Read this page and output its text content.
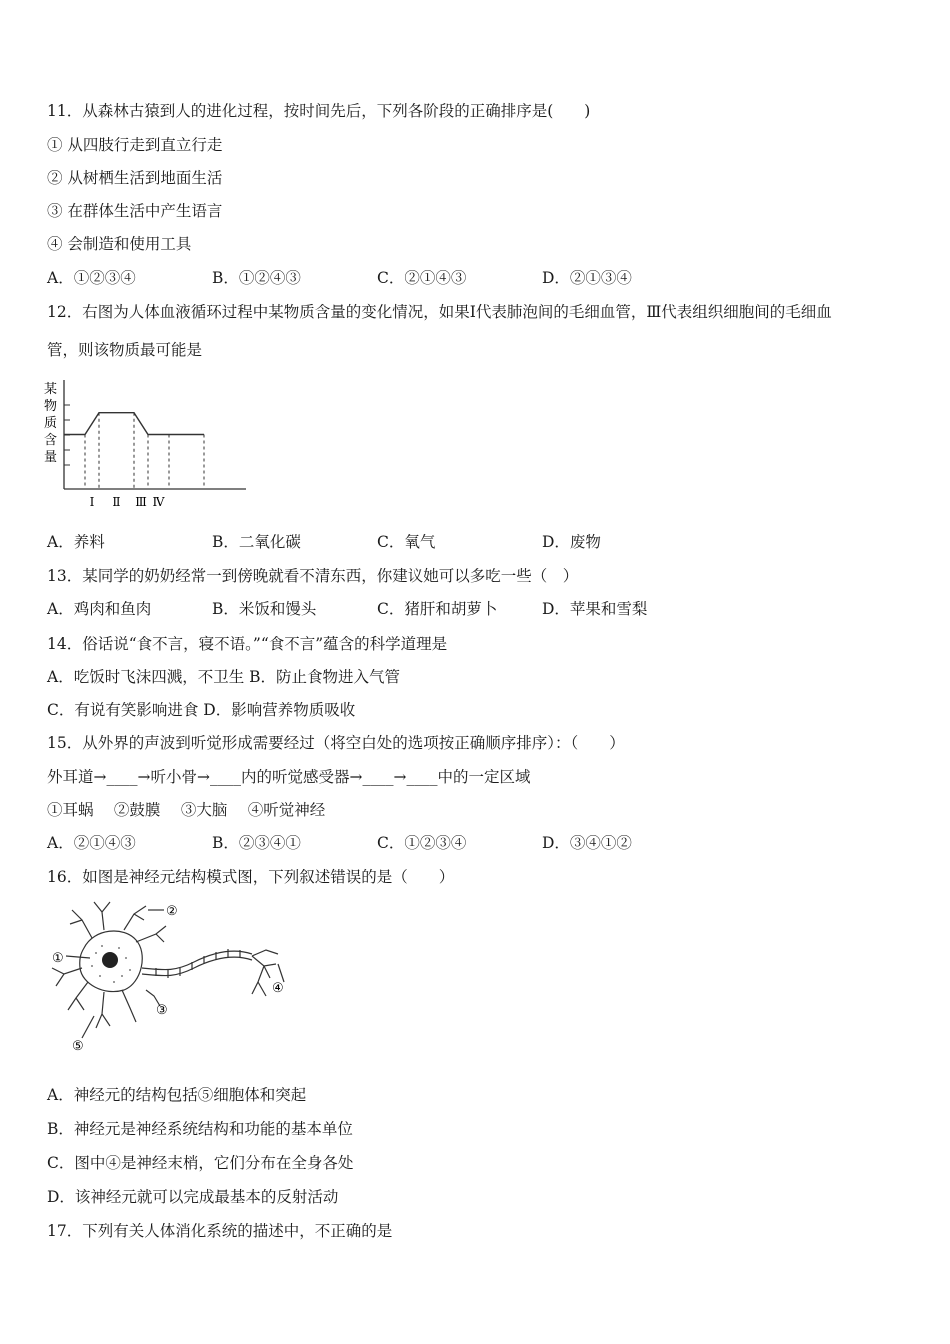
11．从森林古猿到人的进化过程，按时间先后，下列各阶段的正确排序是(　　)
① 从四肢行走到直立行走
② 从树栖生活到地面生活
③ 在群体生活中产生语言
④ 会制造和使用工具
A．①②③④	B．①②④③	C．②①④③	D．②①③④
12．右图为人体血液循环过程中某物质含量的变化情况，如果Ⅰ代表肺泡间的毛细血管，Ⅲ代表组织细胞间的毛细血
管，则该物质最可能是
某
物
质
含
量
Ⅰ Ⅱ Ⅲ Ⅳ
A．养料	B．二氧化碳	C．氧气	D．废物
13．某同学的奶奶经常一到傍晚就看不清东西，你建议她可以多吃一些（　）
A．鸡肉和鱼肉	B．米饭和馒头	C．猪肝和胡萝卜	D．苹果和雪梨
14．俗话说“食不言，寝不语。”“食不言”蕴含的科学道理是
A．吃饭时飞沫四溅，不卫生 B．防止食物进入气管
C．有说有笑影响进食 D．影响营养物质吸收
15．从外界的声波到听觉形成需要经过（将空白处的选项按正确顺序排序）：（　　）
外耳道→____→听小骨→____内的听觉感受器→____→____中的一定区域
①耳蜗　 ②鼓膜　 ③大脑　 ④听觉神经
A．②①④③	B．②③④①	C．①②③④	D．③④①②
16．如图是神经元结构模式图，下列叙述错误的是（　　）
②
①
③
④
⑤
A．神经元的结构包括⑤细胞体和突起
B．神经元是神经系统结构和功能的基本单位
C．图中④是神经末梢，它们分布在全身各处
D．该神经元就可以完成最基本的反射活动
17．下列有关人体消化系统的描述中，不正确的是
